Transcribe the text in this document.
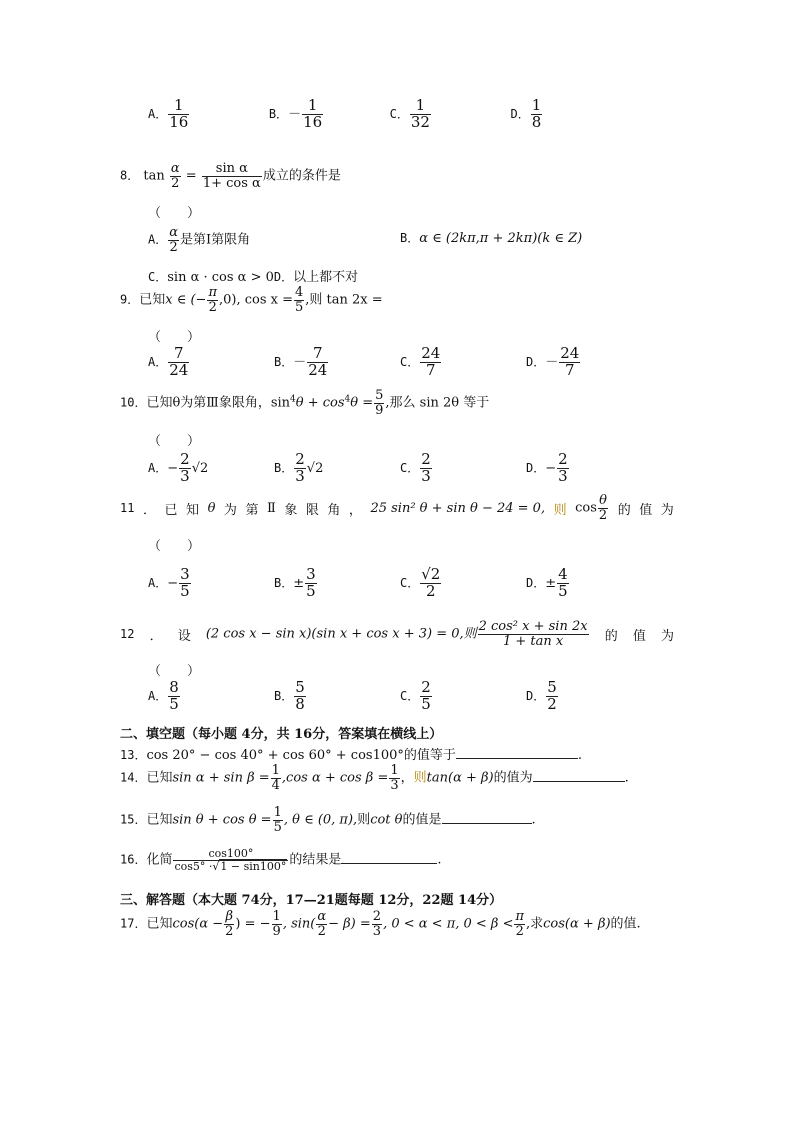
A． $\frac{1}{16}$	B．－ $\frac{1}{16}$	C． $\frac{1}{32}$	D． $\frac{1}{8}$
8． $\tan \frac{\alpha}{2} = \frac{\text{sin α}}{\text{1+ cos α}}$ 成立的条件是
（　　）
A． $\frac{\alpha}{2}$ 是第Ⅰ第限角	B．α ∈ (2kπ,π + 2kπ)(k ∈ Z)
C．sin α · cos α > 0D．以上都不对
9．已知x ∈ (− $\frac{\pi}{2} ,0$), $\cos x = \frac{4}{5}$ ,则 tan 2x =
（　　）
A． $\frac{7}{24}$	B．－ $\frac{7}{24}$	C． $\frac{24}{7}$	D．－ $\frac{24}{7}$
10．已知θ为第Ⅲ象限角，$\sin^4\theta + \cos^4\theta = \frac{5}{9}$ ,那么 sin 2θ 等于
（　　）
A．− $\frac{2}{3} √2$	B． $\frac{2}{3} √2$	C． $\frac{2}{3}$	D．− $\frac{2}{3}$
11 ． 已 知 θ 为 第 Ⅱ 象 限 角 ， 25 sin² θ + sin θ − 24 = 0, 则 $\cos \frac{\theta}{2}$ 的 值 为
（　　）
A．− $\frac{3}{5}$	B．± $\frac{3}{5}$	C． $\frac{√2}{2}$	D．± $\frac{4}{5}$
12 ． 设 (2 cos x − sin x)(sin x + cos x + 3) = 0,则 $\frac{\text{2 cos² x + sin 2x}}{\text{1 + tan x}}$ 的 值 为
（　　）
A． $\frac{8}{5}$	B． $\frac{5}{8}$	C． $\frac{2}{5}$	D． $\frac{5}{2}$
二、填空题（每小题 4分，共 16分，答案填在横线上）
13．cos 20° − cos 40° + cos 60° + cos100°的值等于	.
14．已知$\sin \alpha + \sin \beta = \frac{1}{4} ,\cos$ $\alpha + \cos \beta = \frac{1}{3}$ ，则tan(α + β)的值为	.
15．已知$\sin \theta + \cos \theta = \frac{1}{5}$ , θ ∈ (0, π),则cot θ的值是	.
16．化简 $\frac{\cos 100^\circ}{\cos 5^\circ \cdot√1 - \sin 100^\circ}$ 的结果是	.
三、解答题（本大题 74分，17—21题每题 12分，22题 14分）
17．已知$\cos(\alpha - \frac{\beta}{2}$ ) = − $\frac{1}{9}$ , $\sin( \frac{\alpha}{2} - \beta) = \frac{2}{3}$ , 0 < α < π, $0 < \beta < \frac{\pi}{2}$ ,求cos(α + β)的值.
